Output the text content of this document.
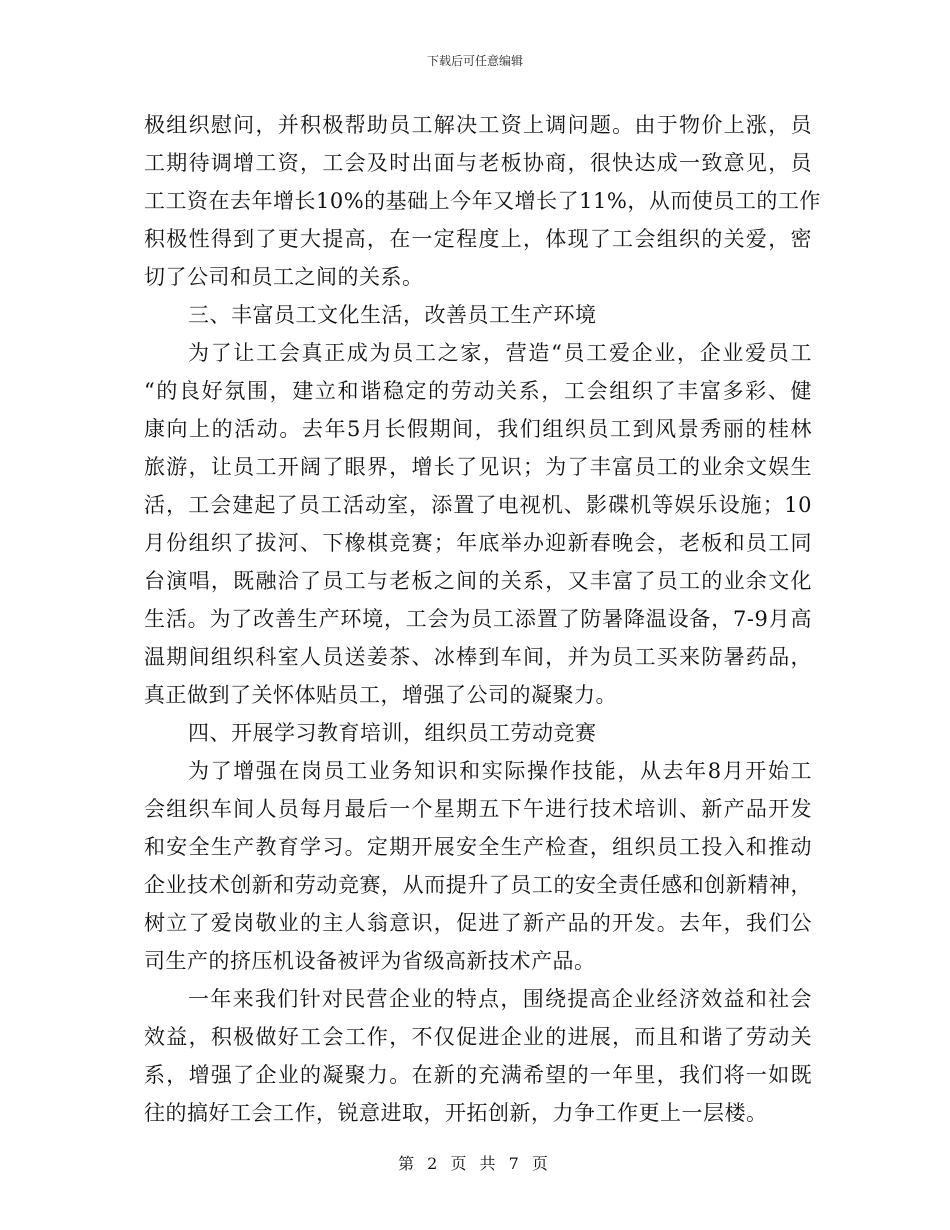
下载后可任意编辑
极组织慰问，并积极帮助员工解决工资上调问题。由于物价上涨，员
工期待调增工资，工会及时出面与老板协商，很快达成一致意见，员
工工资在去年增长10%的基础上今年又增长了11%，从而使员工的工作
积极性得到了更大提高，在一定程度上，体现了工会组织的关爱，密
切了公司和员工之间的关系。
三、丰富员工文化生活，改善员工生产环境
为了让工会真正成为员工之家，营造“员工爱企业，企业爱员工
“的良好氛围，建立和谐稳定的劳动关系，工会组织了丰富多彩、健
康向上的活动。去年5月长假期间，我们组织员工到风景秀丽的桂林
旅游，让员工开阔了眼界，增长了见识；为了丰富员工的业余文娱生
活，工会建起了员工活动室，添置了电视机、影碟机等娱乐设施；10
月份组织了拔河、下橡棋竞赛；年底举办迎新春晚会，老板和员工同
台演唱，既融洽了员工与老板之间的关系，又丰富了员工的业余文化
生活。为了改善生产环境，工会为员工添置了防暑降温设备，7-9月高
温期间组织科室人员送姜茶、冰棒到车间，并为员工买来防暑药品，
真正做到了关怀体贴员工，增强了公司的凝聚力。
四、开展学习教育培训，组织员工劳动竞赛
为了增强在岗员工业务知识和实际操作技能，从去年8月开始工
会组织车间人员每月最后一个星期五下午进行技术培训、新产品开发
和安全生产教育学习。定期开展安全生产检查，组织员工投入和推动
企业技术创新和劳动竞赛，从而提升了员工的安全责任感和创新精神，
树立了爱岗敬业的主人翁意识，促进了新产品的开发。去年，我们公
司生产的挤压机设备被评为省级高新技术产品。
一年来我们针对民营企业的特点，围绕提高企业经济效益和社会
效益，积极做好工会工作，不仅促进企业的进展，而且和谐了劳动关
系，增强了企业的凝聚力。在新的充满希望的一年里，我们将一如既
往的搞好工会工作，锐意进取，开拓创新，力争工作更上一层楼。
第 2 页 共 7 页
